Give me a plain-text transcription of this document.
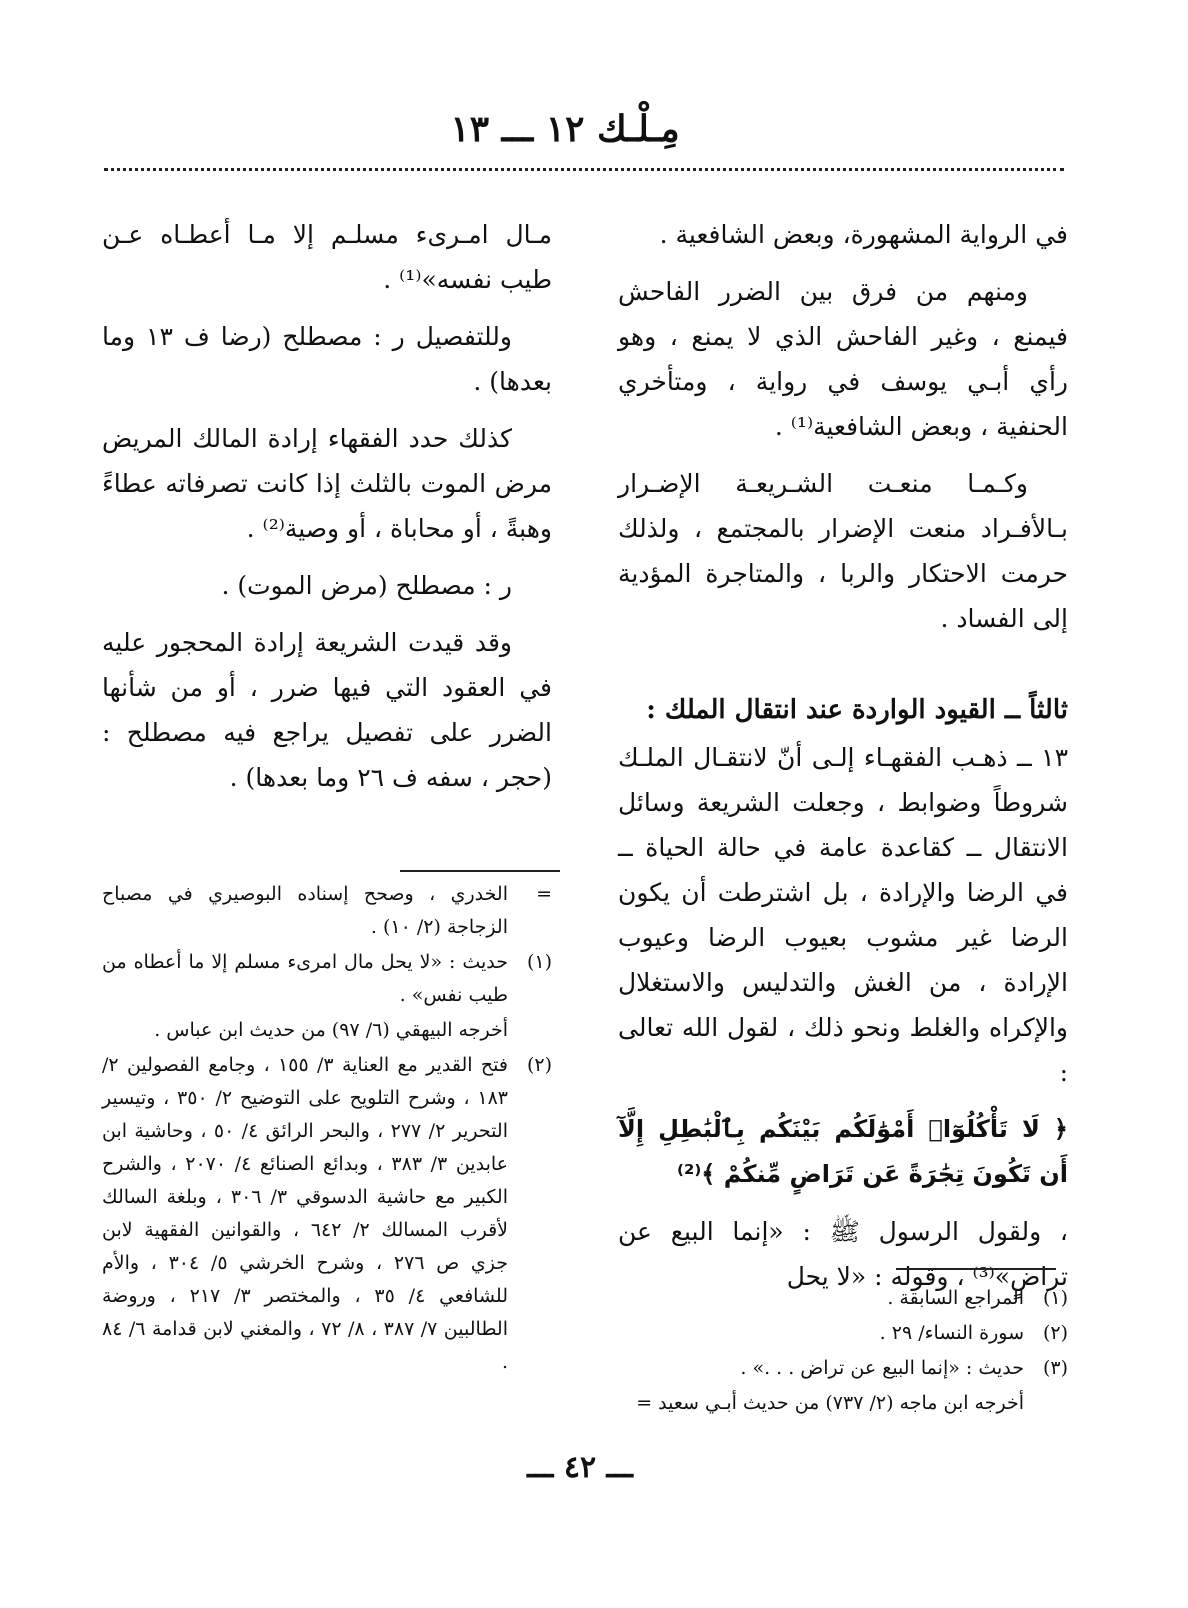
مِـلْـك ١٢ ـــ ١٣

في الرواية المشهورة، وبعض الشافعية .

ومنهم من فرق بين الضرر الفاحش فيمنع ، وغير الفاحش الذي لا يمنع ، وهو رأي أبـي يوسف في رواية ، ومتأخري الحنفية ، وبعض الشافعية⁽¹⁾ .

وكـمـا منعـت الشـريعـة الإضـرار بـالأفـراد منعت الإضرار بالمجتمع ، ولذلك حرمت الاحتكار والربا ، والمتاجرة المؤدية إلى الفساد .

ثالثاً ــ القيود الواردة عند انتقال الملك :

١٣ ــ ذهـب الفقهـاء إلـى أنّ لانتقـال الملـك شروطاً وضوابط ، وجعلت الشريعة وسائل الانتقال ــ كقاعدة عامة في حالة الحياة ــ في الرضا والإرادة ، بل اشترطت أن يكون الرضا غير مشوب بعيوب الرضا وعيوب الإرادة ، من الغش والتدليس والاستغلال والإكراه والغلط ونحو ذلك ، لقول الله تعالى :

﴿ لَا تَأْكُلُوٓا۟ أَمْوَٰلَكُم بَيْنَكُم بِٱلْبَٰطِلِ إِلَّآ أَن تَكُونَ تِجَٰرَةً عَن تَرَاضٍ مِّنكُمْ ﴾⁽²⁾

، ولقول الرسول ﷺ : «إنما البيع عن تراضٍ»⁽³⁾ ، وقوله : «لا يحل

مـال امـرىء مسلـم إلا مـا أعطـاه عـن طيب نفسه»⁽¹⁾ .

وللتفصيل ر : مصطلح (رضا ف ١٣ وما بعدها) .

كذلك حدد الفقهاء إرادة المالك المريض مرض الموت بالثلث إذا كانت تصرفاته عطاءً وهبةً ، أو محاباة ، أو وصية⁽²⁾ .

ر : مصطلح (مرض الموت) .

وقد قيدت الشريعة إرادة المحجور عليه في العقود التي فيها ضرر ، أو من شأنها الضرر على تفصيل يراجع فيه مصطلح : (حجر ، سفه ف ٢٦ وما بعدها) .

=
الخدري ، وصحح إسناده البوصيري في مصباح الزجاجة (٢/ ١٠) .
(١)
حديث : «لا يحل مال امرىء مسلم إلا ما أعطاه من طيب نفس» .
أخرجه البيهقي (٦/ ٩٧) من حديث ابن عباس .
(٢)
فتح القدير مع العناية ٣/ ١٥٥ ، وجامع الفصولين ٢/ ١٨٣ ، وشرح التلويح على التوضيح ٢/ ٣٥٠ ، وتيسير التحرير ٢/ ٢٧٧ ، والبحر الرائق ٤/ ٥٠ ، وحاشية ابن عابدين ٣/ ٣٨٣ ، وبدائع الصنائع ٤/ ٢٠٧٠ ، والشرح الكبير مع حاشية الدسوقي ٣/ ٣٠٦ ، وبلغة السالك لأقرب المسالك ٢/ ٦٤٢ ، والقوانين الفقهية لابن جزي ص ٢٧٦ ، وشرح الخرشي ٥/ ٣٠٤ ، والأم للشافعي ٤/ ٣٥ ، والمختصر ٣/ ٢١٧ ، وروضة الطالبين ٧/ ٣٨٧ ، ٨/ ٧٢ ، والمغني لابن قدامة ٦/ ٨٤ .
(١)
المراجع السابقة .
(٢)
سورة النساء/ ٢٩ .
(٣)
حديث : «إنما البيع عن تراض . . .» .
أخرجه ابن ماجه (٢/ ٧٣٧) من حديث أبـي سعيد =
ـــ ٤٢ ـــ
